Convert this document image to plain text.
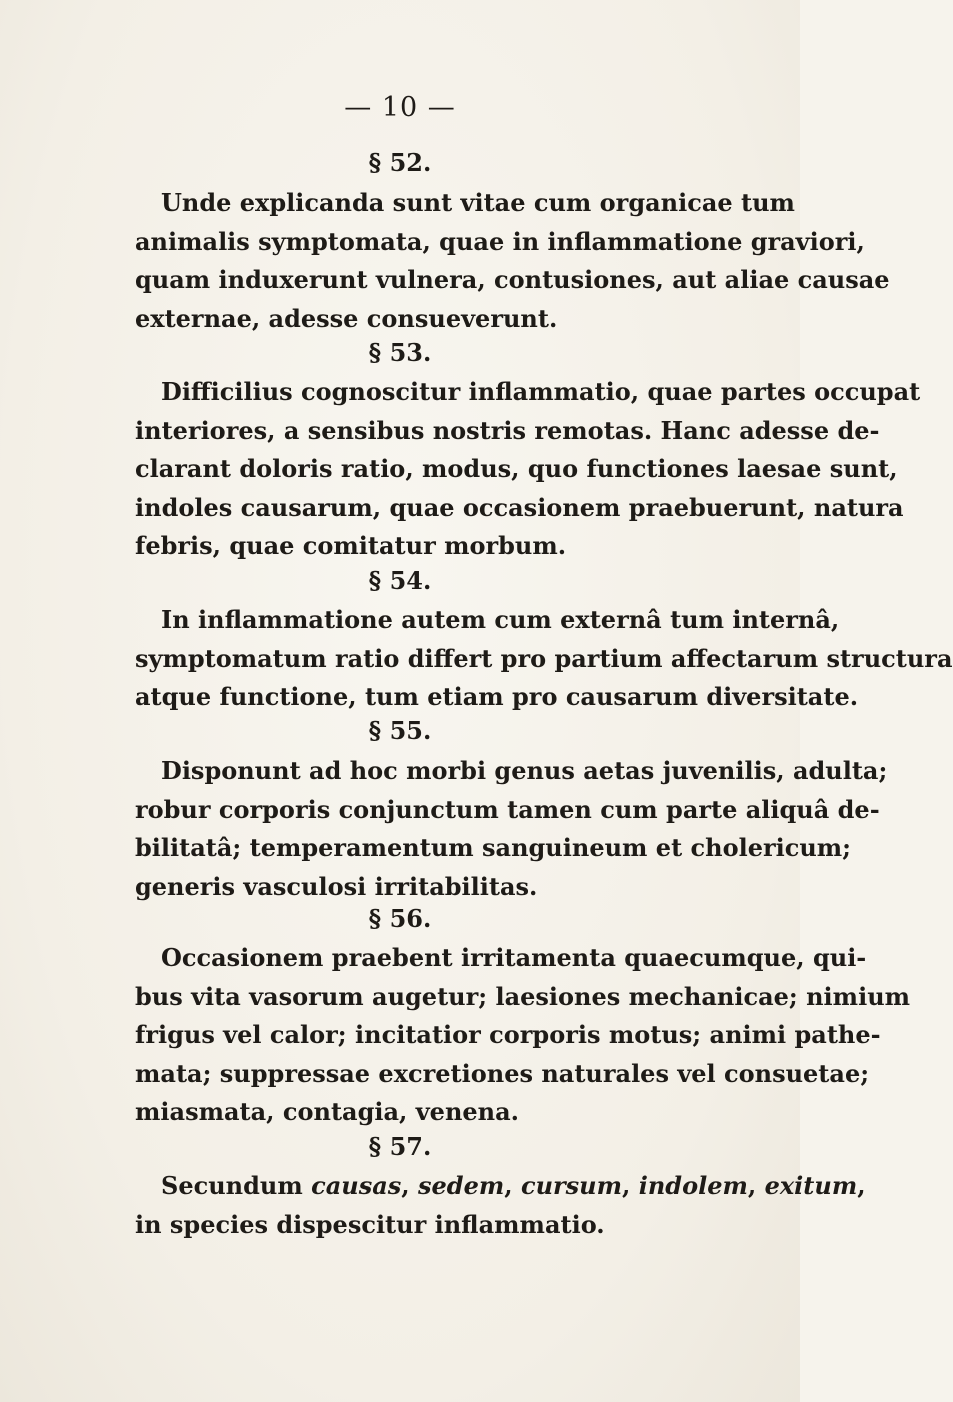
— 10 —
§ 52.
Unde explicanda sunt vitae cum organicae tum
animalis symptomata, quae in inflammatione graviori,
quam induxerunt vulnera, contusiones, aut aliae causae
externae, adesse consueverunt.
§ 53.
Difficilius cognoscitur inflammatio, quae partes occupat
interiores, a sensibus nostris remotas. Hanc adesse de-
clarant doloris ratio, modus, quo functiones laesae sunt,
indoles causarum, quae occasionem praebuerunt, natura
febris, quae comitatur morbum.
§ 54.
In inflammatione autem cum externâ tum internâ,
symptomatum ratio differt pro partium affectarum structura
atque functione, tum etiam pro causarum diversitate.
§ 55.
Disponunt ad hoc morbi genus aetas juvenilis, adulta;
robur corporis conjunctum tamen cum parte aliquâ de-
bilitatâ; temperamentum sanguineum et cholericum;
generis vasculosi irritabilitas.
§ 56.
Occasionem praebent irritamenta quaecumque, qui-
bus vita vasorum augetur; laesiones mechanicae; nimium
frigus vel calor; incitatior corporis motus; animi pathe-
mata; suppressae excretiones naturales vel consuetae;
miasmata, contagia, venena.
§ 57.
Secundum causas, sedem, cursum, indolem, exitum,
in species dispescitur inflammatio.
